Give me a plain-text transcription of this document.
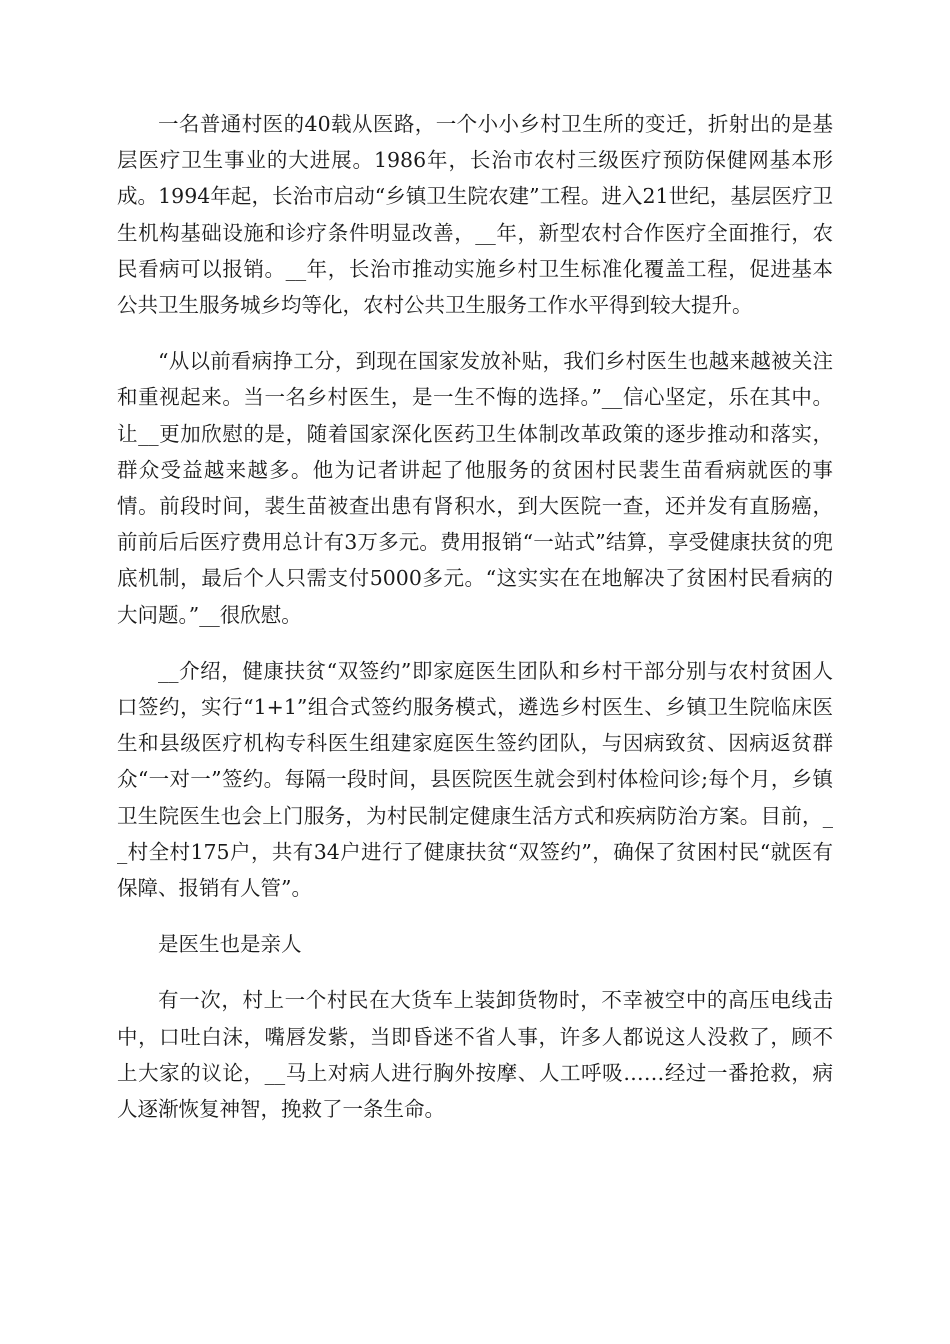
一名普通村医的40载从医路，一个小小乡村卫生所的变迁，折射出的是基层医疗卫生事业的大进展。1986年，长治市农村三级医疗预防保健网基本形成。1994年起，长治市启动“乡镇卫生院农建”工程。进入21世纪，基层医疗卫生机构基础设施和诊疗条件明显改善，__年，新型农村合作医疗全面推行，农民看病可以报销。__年，长治市推动实施乡村卫生标准化覆盖工程，促进基本公共卫生服务城乡均等化，农村公共卫生服务工作水平得到较大提升。

“从以前看病挣工分，到现在国家发放补贴，我们乡村医生也越来越被关注和重视起来。当一名乡村医生，是一生不悔的选择。”__信心坚定，乐在其中。让__更加欣慰的是，随着国家深化医药卫生体制改革政策的逐步推动和落实，群众受益越来越多。他为记者讲起了他服务的贫困村民裴生苗看病就医的事情。前段时间，裴生苗被查出患有肾积水，到大医院一查，还并发有直肠癌，前前后后医疗费用总计有3万多元。费用报销“一站式”结算，享受健康扶贫的兜底机制，最后个人只需支付5000多元。“这实实在在地解决了贫困村民看病的大问题。”__很欣慰。

__介绍，健康扶贫“双签约”即家庭医生团队和乡村干部分别与农村贫困人口签约，实行“1+1”组合式签约服务模式，遴选乡村医生、乡镇卫生院临床医生和县级医疗机构专科医生组建家庭医生签约团队，与因病致贫、因病返贫群众“一对一”签约。每隔一段时间，县医院医生就会到村体检问诊;每个月，乡镇卫生院医生也会上门服务，为村民制定健康生活方式和疾病防治方案。目前，__村全村175户，共有34户进行了健康扶贫“双签约”，确保了贫困村民“就医有保障、报销有人管”。

是医生也是亲人

有一次，村上一个村民在大货车上装卸货物时，不幸被空中的高压电线击中，口吐白沫，嘴唇发紫，当即昏迷不省人事，许多人都说这人没救了，顾不上大家的议论，__马上对病人进行胸外按摩、人工呼吸……经过一番抢救，病人逐渐恢复神智，挽救了一条生命。
